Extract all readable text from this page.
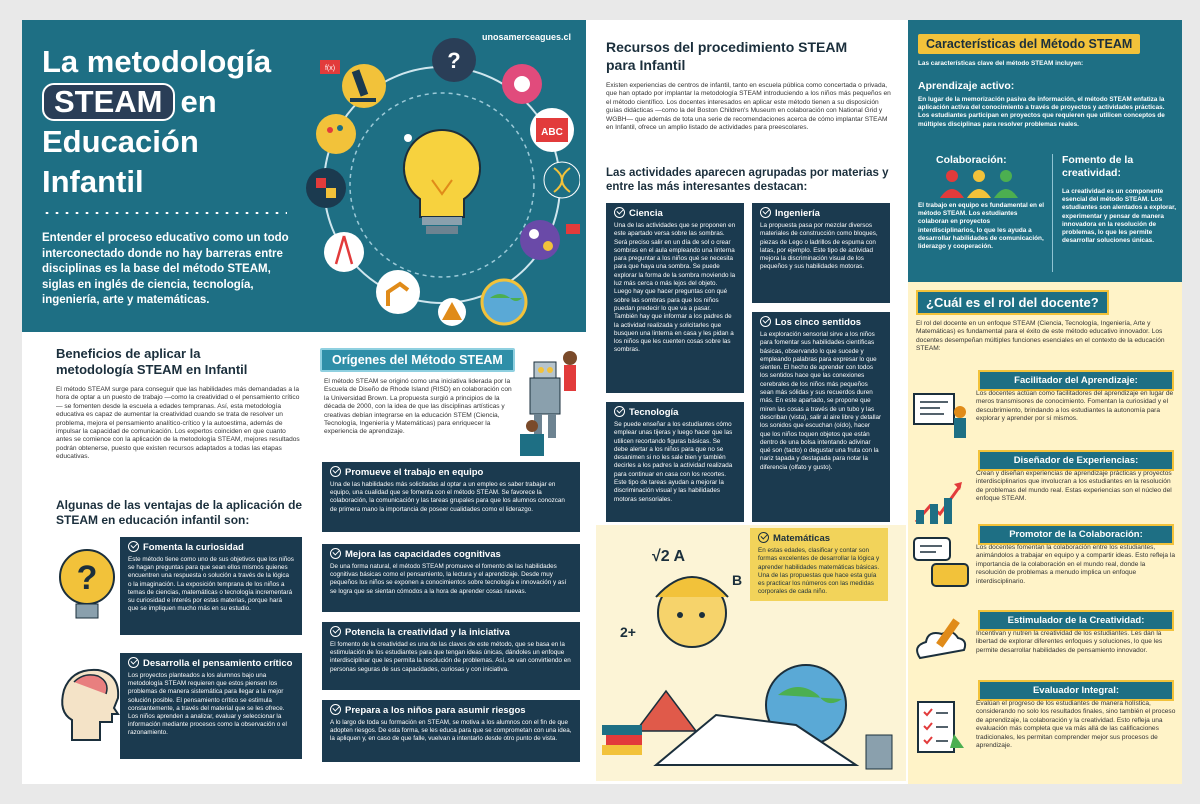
La metodología
STEAM en
Educación
Infantil
Entender el proceso educativo como un todo interconectado donde no hay barreras entre disciplinas es la base del método STEAM, siglas en inglés de ciencia, tecnología, ingeniería, arte y matemáticas.
unosamerceagues.cl
?
ABC
f(x)
Beneficios de aplicar la metodología STEAM en Infantil
El método STEAM surge para conseguir que las habilidades más demandadas a la hora de optar a un puesto de trabajo —como la creatividad o el pensamiento crítico— se fomenten desde la escuela a edades tempranas. Así, esta metodología educativa es capaz de aumentar la creatividad cuando se trata de resolver un problema, mejora el pensamiento analítico-crítico y la autoestima, además de impulsar la capacidad de comunicación. Los expertos coinciden en que cuanto antes se comience con la aplicación de la metodología STEAM, mejores resultados podrán obtenerse, puesto que existen recursos adaptados a todas las etapas educativas.
Algunas de las ventajas de la aplicación de STEAM en educación infantil son:
?
Fomenta la curiosidad

Este método tiene como uno de sus objetivos que los niños se hagan preguntas para que sean ellos mismos quienes encuentren una respuesta o solución a través de la lógica o la imaginación. La exposición temprana de los niños a temas de ciencias, matemáticas o tecnología incrementará su curiosidad e interés por estas materias, porque hará que se impliquen mucho más en su estudio.

Desarrolla el pensamiento crítico

Los proyectos planteados a los alumnos bajo una metodología STEAM requieren que estos piensen los problemas de manera sistemática para llegar a la mejor solución posible. El pensamiento crítico se estimula constantemente, a través del material que se les ofrece. Los niños aprenden a analizar, evaluar y seleccionar la información mediante procesos como la observación o el razonamiento.

Orígenes del Método STEAM
El método STEAM se originó como una iniciativa liderada por la Escuela de Diseño de Rhode Island (RISD) en colaboración con la Universidad Brown. La propuesta surgió a principios de la década de 2000, con la idea de que las disciplinas artísticas y creativas debían integrarse en la educación STEM (Ciencia, Tecnología, Ingeniería y Matemáticas) para enriquecer la experiencia de aprendizaje.
Promueve el trabajo en equipo

Una de las habilidades más solicitadas al optar a un empleo es saber trabajar en equipo, una cualidad que se fomenta con el método STEAM. Se favorece la colaboración, la comunicación y las tareas grupales para que los alumnos conozcan de primera mano la importancia de poseer cualidades como el liderazgo.

Mejora las capacidades cognitivas

De una forma natural, el método STEAM promueve el fomento de las habilidades cognitivas básicas como el pensamiento, la lectura y el aprendizaje. Desde muy pequeños los niños se exponen a conocimientos sobre tecnología e innovación y así se logra que se sientan cómodos a la hora de aprender cosas nuevas.

Potencia la creatividad y la iniciativa

El fomento de la creatividad es una de las claves de este método, que se basa en la estimulación de los estudiantes para que tengan ideas únicas, dándoles un enfoque interdisciplinar que les permita la resolución de problemas. Así, se van convirtiendo en personas seguras de sus capacidades, curiosas y con iniciativa.

Prepara a los niños para asumir riesgos

A lo largo de toda su formación en STEAM, se motiva a los alumnos con el fin de que adopten riesgos. De esta forma, se les educa para que se comprometan con una idea, la apliquen y, en caso de que falle, vuelvan a intentarlo desde otro punto de vista.

Recursos del procedimiento STEAM para Infantil
Existen experiencias de centros de infantil, tanto en escuela pública como concertada o privada, que han optado por implantar la metodología STEAM introduciendo a los niños más pequeños en el método científico. Los docentes interesados en aplicar este método tienen a su disposición guías didácticas —como la del Boston Children's Museum en colaboración con National Grid y WGBH— que además de tota una serie de recomendaciones acerca de cómo implantar STEAM en Infantil, ofrece un amplio listado de actividades para preescolares.
Las actividades aparecen agrupadas por materias y entre las más interesantes destacan:
Ciencia

Una de las actividades que se proponen en este apartado versa sobre las sombras. Será preciso salir en un día de sol o crear sombras en el aula empleando una linterna para preguntar a los niños qué se necesita para que haya una sombra. Se puede explorar la forma de la sombra moviendo la luz más cerca o más lejos del objeto. Luego hay que hacer preguntas con qué sobre las sombras para que los niños puedan predecir lo que va a pasar. También hay que informar a los padres de la actividad realizada y solicitarles que busquen una linterna en casa y les pidan a los niños que les cuenten cosas sobre las sombras.

Ingeniería

La propuesta pasa por mezclar diversos materiales de construcción como bloques, piezas de Lego o ladrillos de espuma con latas, por ejemplo. Este tipo de actividad mejora la discriminación visual de los pequeños y sus habilidades motoras.

Tecnología

Se puede enseñar a los estudiantes cómo emplear unas tijeras y luego hacer que las utilicen recortando figuras básicas. Se debe alertar a los niños para que no se desanimen si no les sale bien y también decirles a los padres la actividad realizada para continuar en casa con los recortes. Este tipo de tareas ayudan a mejorar la discriminación visual y las habilidades motoras sensoriales.

Los cinco sentidos

La exploración sensorial sirve a los niños para fomentar sus habilidades científicas básicas, observando lo que sucede y empleando palabras para expresar lo que sienten. El hecho de aprender con todos los sentidos hace que las conexiones cerebrales de los niños más pequeños sean más sólidas y sus recuerdos duren más. En este apartado, se propone que miren las cosas a través de un tubo y las describan (vista), salir al aire libre y detallar los sonidos que escuchan (oído), hacer que los niños toquen objetos que están dentro de una bolsa intentando adivinar qué son (tacto) o degustar una fruta con la nariz tapada y destapada para notar la diferencia (olfato y gusto).

√2 A
B
2+
Matemáticas

En estas edades, clasificar y contar son formas excelentes de desarrollar la lógica y aprender habilidades matemáticas básicas. Una de las propuestas que hace esta guía es practicar los números con las medidas corporales de cada niño.

Características del Método STEAM
Las características clave del método STEAM incluyen:
Aprendizaje activo:
En lugar de la memorización pasiva de información, el método STEAM enfatiza la aplicación activa del conocimiento a través de proyectos y actividades prácticas. Los estudiantes participan en proyectos que requieren que utilicen conceptos de múltiples disciplinas para resolver problemas reales.
Colaboración:
El trabajo en equipo es fundamental en el método STEAM. Los estudiantes colaboran en proyectos interdisciplinarios, lo que les ayuda a desarrollar habilidades de comunicación, liderazgo y cooperación.
Fomento de la creatividad:
La creatividad es un componente esencial del método STEAM. Los estudiantes son alentados a explorar, experimentar y pensar de manera innovadora en la resolución de problemas, lo que les permite desarrollar soluciones únicas.
¿Cuál es el rol del docente?
El rol del docente en un enfoque STEAM (Ciencia, Tecnología, Ingeniería, Arte y Matemáticas) es fundamental para el éxito de este método educativo innovador. Los docentes desempeñan múltiples funciones esenciales en el contexto de la educación STEAM:
Facilitador del Aprendizaje:
Los docentes actúan como facilitadores del aprendizaje en lugar de meros transmisores de conocimiento. Fomentan la curiosidad y el descubrimiento, brindando a los estudiantes la autonomía para explorar y aprender por sí mismos.
Diseñador de Experiencias:
Crean y diseñan experiencias de aprendizaje prácticas y proyectos interdisciplinarios que involucran a los estudiantes en la resolución de problemas del mundo real. Estas experiencias son el núcleo del enfoque STEAM.
Promotor de la Colaboración:
Los docentes fomentan la colaboración entre los estudiantes, animándolos a trabajar en equipo y a compartir ideas. Esto refleja la importancia de la colaboración en el mundo real, donde la resolución de problemas a menudo implica un enfoque interdisciplinario.
Estimulador de la Creatividad:
Incentivan y nutren la creatividad de los estudiantes. Les dan la libertad de explorar diferentes enfoques y soluciones, lo que les permite desarrollar habilidades de pensamiento innovador.
Evaluador Integral:
Evalúan el progreso de los estudiantes de manera holística, considerando no solo los resultados finales, sino también el proceso de aprendizaje, la colaboración y la creatividad. Esto refleja una evaluación más completa que va más allá de las calificaciones tradicionales, les permitan comprender mejor sus procesos de aprendizaje.
